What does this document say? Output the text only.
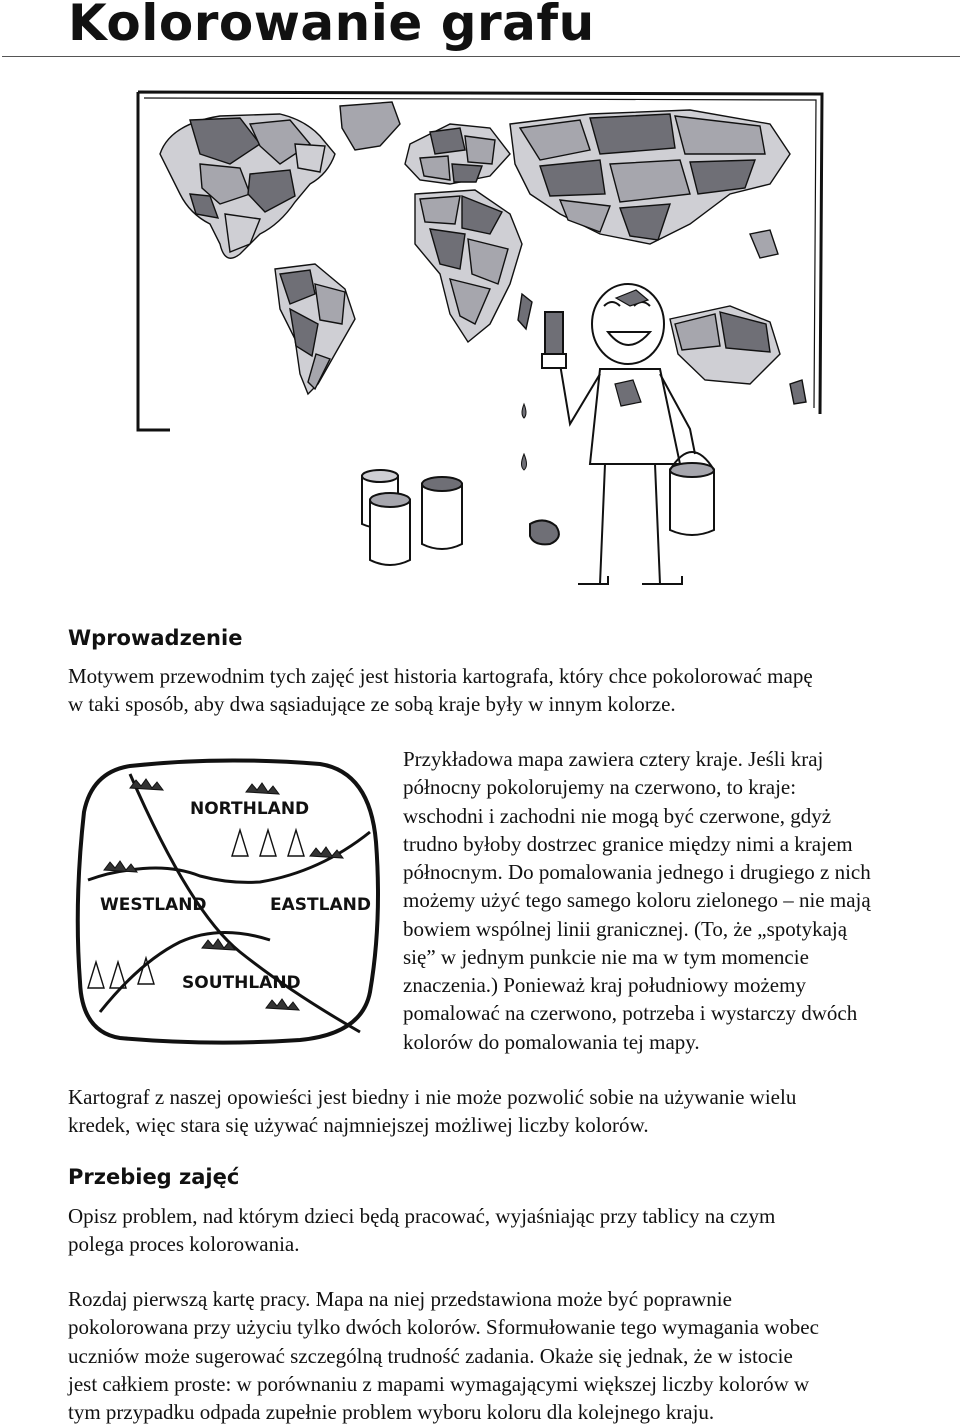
Kolorowanie grafu
Wprowadzenie

Motywem przewodnim tych zajęć jest historia kartografa, który chce pokolorować mapę

w taki sposób, aby dwa sąsiadujące ze sobą kraje były w innym kolorze.

NORTHLAND
WESTLAND	EASTLAND
SOUTHLAND

Przykładowa mapa zawiera cztery kraje. Jeśli kraj

północny pokolorujemy na czerwono, to kraje:

wschodni i zachodni nie mogą być czerwone, gdyż

trudno byłoby dostrzec granice między nimi a krajem

północnym. Do pomalowania jednego i drugiego z nich

możemy użyć tego samego koloru zielonego – nie mają

bowiem wspólnej linii granicznej. (To, że „spotykają

się” w jednym punkcie nie ma w tym momencie

znaczenia.) Ponieważ kraj południowy możemy

pomalować na czerwono, potrzeba i wystarczy dwóch

kolorów do pomalowania tej mapy.

Kartograf z naszej opowieści jest biedny i nie może pozwolić sobie na używanie wielu

kredek, więc stara się używać najmniejszej możliwej liczby kolorów.

Przebieg zajęć

Opisz problem, nad którym dzieci będą pracować, wyjaśniając przy tablicy na czym

polega proces kolorowania.

Rozdaj pierwszą kartę pracy. Mapa na niej przedstawiona może być poprawnie

pokolorowana przy użyciu tylko dwóch kolorów. Sformułowanie tego wymagania wobec

uczniów może sugerować szczególną trudność zadania. Okaże się jednak, że w istocie

jest całkiem proste: w porównaniu z mapami wymagającymi większej liczby kolorów w

tym przypadku odpada zupełnie problem wyboru koloru dla kolejnego kraju.
